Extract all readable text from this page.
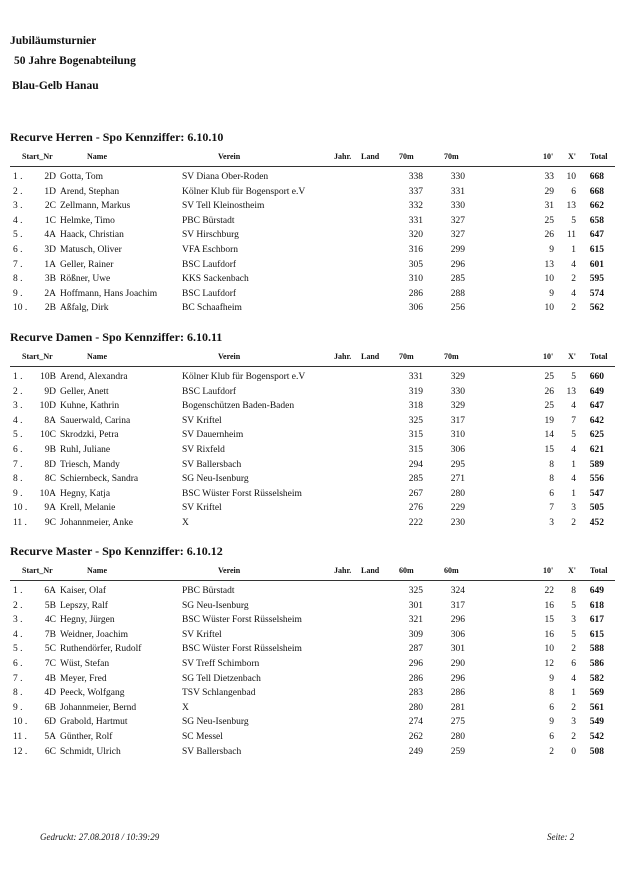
Jubiläumsturnier
50 Jahre Bogenabteilung
Blau-Gelb Hanau
Recurve Herren - Spo Kennziffer: 6.10.10
Start_Nr	Name	Verein	Jahr. Land 70m	70m	10' X' Total
1 .	2D Gotta, Tom	SV Diana Ober-Roden	338	330	33	10	668
2 .	1D Arend, Stephan	Kölner Klub für Bogensport e.V	337	331	29	6	668
3 .	2C Zellmann, Markus	SV Tell Kleinostheim	332	330	31	13	662
4 .	1C Helmke, Timo	PBC Bürstadt	331	327	25	5	658
5 .	4A Haack, Christian	SV Hirschburg	320	327	26	11	647
6 .	3D Matusch, Oliver	VFA Eschborn	316	299	9	1	615
7 .	1A Geller, Rainer	BSC Laufdorf	305	296	13	4	601
8 .	3B Rößner, Uwe	KKS Sackenbach	310	285	10	2	595
9 .	2A Hoffmann, Hans Joachim	BSC Laufdorf	286	288	9	4	574
10 .	2B Aßfalg, Dirk	BC Schaafheim	306	256	10	2	562
Recurve Damen - Spo Kennziffer: 6.10.11
Start_Nr	Name	Verein	Jahr. Land 70m	70m	10' X' Total
1 .	10B Arend, Alexandra	Kölner Klub für Bogensport e.V	331	329	25	5	660
2 .	9D Geller, Anett	BSC Laufdorf	319	330	26	13	649
3 .	10D Kuhne, Kathrin	Bogenschützen Baden-Baden	318	329	25	4	647
4 .	8A Sauerwald, Carina	SV Kriftel	325	317	19	7	642
5 .	10C Skrodzki, Petra	SV Dauernheim	315	310	14	5	625
6 .	9B Ruhl, Juliane	SV Rixfeld	315	306	15	4	621
7 .	8D Triesch, Mandy	SV Ballersbach	294	295	8	1	589
8 .	8C Schiernbeck, Sandra	SG Neu-Isenburg	285	271	8	4	556
9 .	10A Hegny, Katja	BSC Wüster Forst Rüsselsheim	267	280	6	1	547
10 .	9A Krell, Melanie	SV Kriftel	276	229	7	3	505
11 .	9C Johannmeier, Anke	X	222	230	3	2	452
Recurve Master - Spo Kennziffer: 6.10.12
Start_Nr	Name	Verein	Jahr. Land 60m	60m	10' X' Total
1 .	6A Kaiser, Olaf	PBC Bürstadt	325	324	22	8	649
2 .	5B Lepszy, Ralf	SG Neu-Isenburg	301	317	16	5	618
3 .	4C Hegny, Jürgen	BSC Wüster Forst Rüsselsheim	321	296	15	3	617
4 .	7B Weidner, Joachim	SV Kriftel	309	306	16	5	615
5 .	5C Ruthendörfer, Rudolf	BSC Wüster Forst Rüsselsheim	287	301	10	2	588
6 .	7C Wüst, Stefan	SV Treff Schimborn	296	290	12	6	586
7 .	4B Meyer, Fred	SG Tell Dietzenbach	286	296	9	4	582
8 .	4D Peeck, Wolfgang	TSV Schlangenbad	283	286	8	1	569
9 .	6B Johannmeier, Bernd	X	280	281	6	2	561
10 .	6D Grabold, Hartmut	SG Neu-Isenburg	274	275	9	3	549
11 .	5A Günther, Rolf	SC Messel	262	280	6	2	542
12 .	6C Schmidt, Ulrich	SV Ballersbach	249	259	2	0	508
Gedruckt: 27.08.2018 / 10:39:29	Seite: 2
